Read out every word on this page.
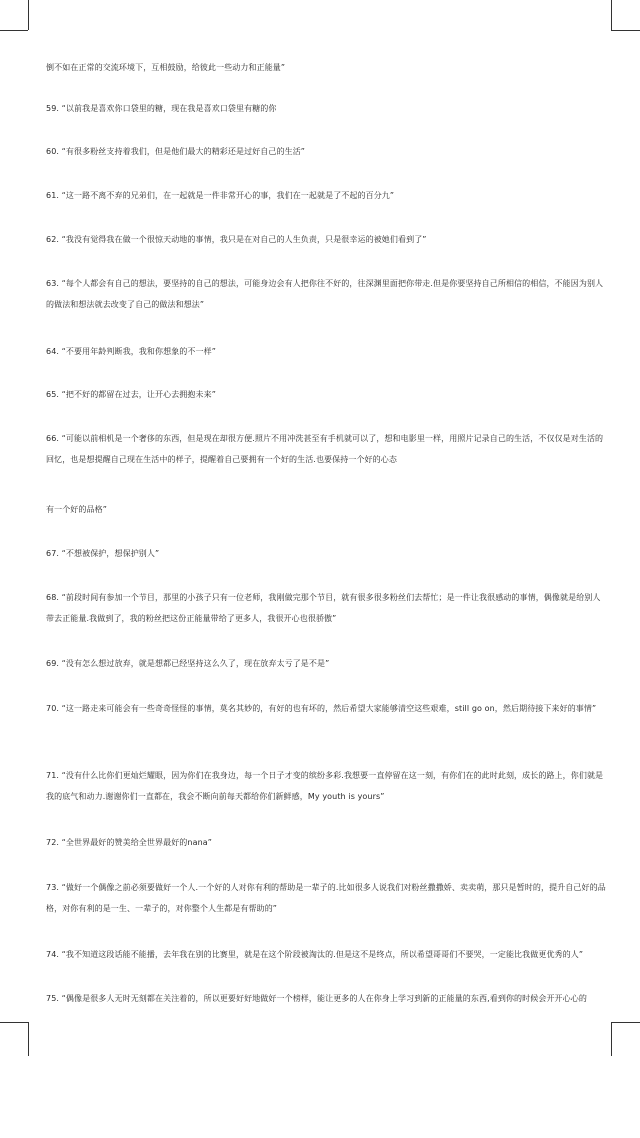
倒不如在正常的交流环境下，互相鼓励，给彼此一些动力和正能量”

59. “以前我是喜欢你口袋里的糖，现在我是喜欢口袋里有糖的你

60. “有很多粉丝支持着我们，但是他们最大的精彩还是过好自己的生活”

61. “这一路不离不弃的兄弟们，在一起就是一件非常开心的事，我们在一起就是了不起的百分九”

62. “我没有觉得我在做一个很惊天动地的事情，我只是在对自己的人生负责，只是很幸运的被她们看到了”

63. “每个人都会有自己的想法，要坚持的自己的想法，可能身边会有人把你往不好的，往深渊里面把你带走.但是你要坚持自己所相信的相信，不能因为别人的做法和想法就去改变了自己的做法和想法”

64. “不要用年龄判断我，我和你想象的不一样”

65. “把不好的都留在过去，让开心去拥抱未来”

66. “可能以前相机是一个奢侈的东西，但是现在却很方便.照片不用冲洗甚至有手机就可以了，想和电影里一样，用照片记录自己的生活，不仅仅是对生活的回忆，也是想提醒自己现在生活中的样子，提醒着自己要拥有一个好的生活.也要保持一个好的心态

有一个好的品格”

67. “不想被保护，想保护别人”

68. “前段时间有参加一个节目，那里的小孩子只有一位老师，我刚做完那个节目，就有很多很多粉丝们去帮忙；是一件让我很感动的事情，偶像就是给别人带去正能量.我做到了，我的粉丝把这份正能量带给了更多人，我很开心也很骄傲”

69. “没有怎么想过放弃，就是想都已经坚持这么久了，现在放弃太亏了是不是”

70. “这一路走来可能会有一些奇奇怪怪的事情，莫名其妙的，有好的也有坏的，然后希望大家能够清空这些艰难，still go on，然后期待接下来好的事情”

71. “没有什么比你们更灿烂耀眼，因为你们在我身边，每一个日子才变的缤纷多彩.我想要一直停留在这一刻，有你们在的此时此刻，成长的路上，你们就是我的底气和动力.谢谢你们一直都在，我会不断向前每天都给你们新鲜感，My youth is yours”

72. “全世界最好的赞美给全世界最好的nana”

73. “做好一个偶像之前必须要做好一个人.一个好的人对你有利的帮助是一辈子的.比如很多人说我们对粉丝撒撒娇、卖卖萌，那只是暂时的，提升自己好的品格，对你有利的是一生、一辈子的，对你整个人生都是有帮助的”

74. “我不知道这段话能不能播，去年我在别的比赛里，就是在这个阶段被淘汰的.但是这不是终点，所以希望哥哥们不要哭，一定能比我做更优秀的人”

75. “偶像是很多人无时无刻都在关注着的，所以更要好好地做好一个榜样，能让更多的人在你身上学习到新的正能量的东西,看到你的时候会开开心心的
